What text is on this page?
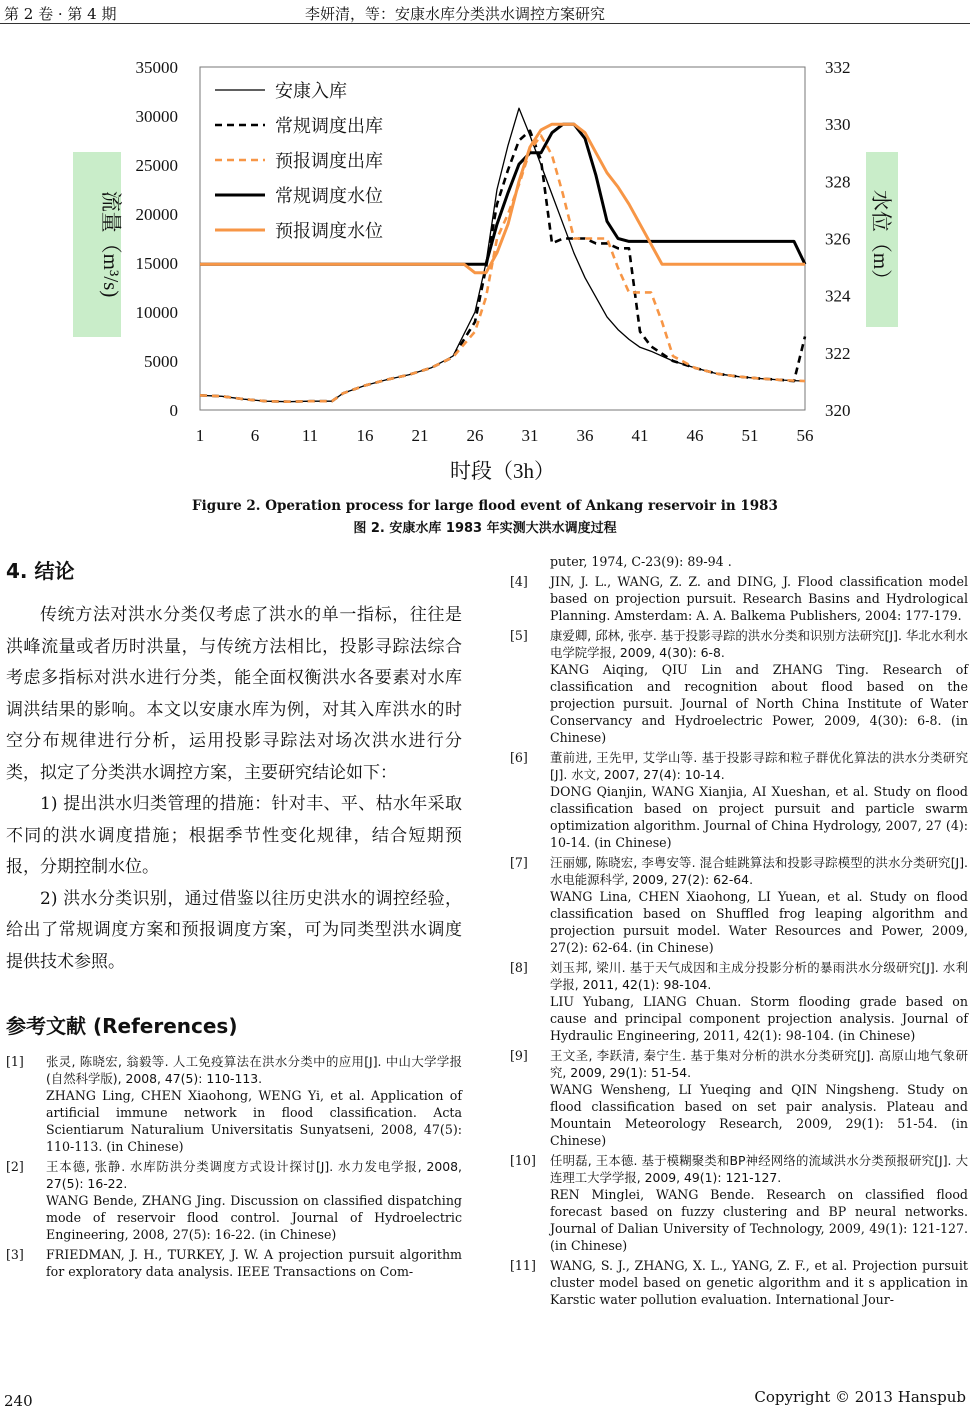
第 2 卷 · 第 4 期	李妍清，等：安康水库分类洪水调控方案研究
0
5000
10000
15000
20000
25000
30000
35000
320
322
324
326
328
330
332
1	6	11 16 21 26 31 36 41 46 51 56
时段（3h）
流量（m³/s)	水位（m）
安康入库
常规调度出库
预报调度出库
常规调度水位
预报调度水位
Figure 2. Operation process for large flood event of Ankang reservoir in 1983
图 2. 安康水库 1983 年实测大洪水调度过程
4. 结论

传统方法对洪水分类仅考虑了洪水的单一指标，往往是洪峰流量或者历时洪量，与传统方法相比，投影寻踪法综合考虑多指标对洪水进行分类，能全面权衡洪水各要素对水库调洪结果的影响。本文以安康水库为例，对其入库洪水的时空分布规律进行分析，运用投影寻踪法对场次洪水进行分类，拟定了分类洪水调控方案，主要研究结论如下：

1) 提出洪水归类管理的措施：针对丰、平、枯水年采取不同的洪水调度措施；根据季节性变化规律，结合短期预报，分期控制水位。

2) 洪水分类识别，通过借鉴以往历史洪水的调控经验，给出了常规调度方案和预报调度方案，可为同类型洪水调度提供技术参照。

参考文献 (References)
[1] 张灵, 陈晓宏, 翁毅等. 人工免疫算法在洪水分类中的应用[J]. 中山大学学报(自然科学版), 2008, 47(5): 110-113.
ZHANG Ling, CHEN Xiaohong, WENG Yi, et al. Application of artificial immune network in flood classification. Acta Scientiarum Naturalium Universitatis Sunyatseni, 2008, 47(5): 110-113. (in Chinese)
[2] 王本德, 张静. 水库防洪分类调度方式设计探讨[J]. 水力发电学报, 2008, 27(5): 16-22.
WANG Bende, ZHANG Jing. Discussion on classified dispatching mode of reservoir flood control. Journal of Hydroelectric Engineering, 2008, 27(5): 16-22. (in Chinese)
[3] FRIEDMAN, J. H., TURKEY, J. W. A projection pursuit algorithm for exploratory data analysis. IEEE Transactions on Com-
puter, 1974, C-23(9): 89-94 .
[4] JIN, J. L., WANG, Z. Z. and DING, J. Flood classification model based on projection pursuit. Research Basins and Hydrological Planning. Amsterdam: A. A. Balkema Publishers, 2004: 177-179.
[5] 康爱卿, 邱林, 张亭. 基于投影寻踪的洪水分类和识别方法研究[J]. 华北水利水电学院学报, 2009, 4(30): 6-8.
KANG Aiqing, QIU Lin and ZHANG Ting. Research of classification and recognition about flood based on the projection pursuit. Journal of North China Institute of Water Conservancy and Hydroelectric Power, 2009, 4(30): 6-8. (in Chinese)
[6] 董前进, 王先甲, 艾学山等. 基于投影寻踪和粒子群优化算法的洪水分类研究[J]. 水文, 2007, 27(4): 10-14.
DONG Qianjin, WANG Xianjia, AI Xueshan, et al. Study on flood classification based on project pursuit and particle swarm optimization algorithm. Journal of China Hydrology, 2007, 27 (4): 10-14. (in Chinese)
[7] 汪丽娜, 陈晓宏, 李粤安等. 混合蛙跳算法和投影寻踪模型的洪水分类研究[J]. 水电能源科学, 2009, 27(2): 62-64.
WANG Lina, CHEN Xiaohong, LI Yuean, et al. Study on flood classification based on Shuffled frog leaping algorithm and projection pursuit model. Water Resources and Power, 2009, 27(2): 62-64. (in Chinese)
[8] 刘玉邦, 梁川. 基于天气成因和主成分投影分析的暴雨洪水分级研究[J]. 水利学报, 2011, 42(1): 98-104.
LIU Yubang, LIANG Chuan. Storm flooding grade based on cause and principal component projection analysis. Journal of Hydraulic Engineering, 2011, 42(1): 98-104. (in Chinese)
[9] 王文圣, 李跃清, 秦宁生. 基于集对分析的洪水分类研究[J]. 高原山地气象研究, 2009, 29(1): 51-54.
WANG Wensheng, LI Yueqing and QIN Ningsheng. Study on flood classification based on set pair analysis. Plateau and Mountain Meteorology Research, 2009, 29(1): 51-54. (in Chinese)
[10] 任明磊, 王本德. 基于模糊聚类和BP神经网络的流域洪水分类预报研究[J]. 大连理工大学学报, 2009, 49(1): 121-127.
REN Minglei, WANG Bende. Research on classified flood forecast based on fuzzy clustering and BP neural networks. Journal of Dalian University of Technology, 2009, 49(1): 121-127. (in Chinese)
[11] WANG, S. J., ZHANG, X. L., YANG, Z. F., et al. Projection pursuit cluster model based on genetic algorithm and it s application in Karstic water pollution evaluation. International Jour-
240	Copyright © 2013 Hanspub
